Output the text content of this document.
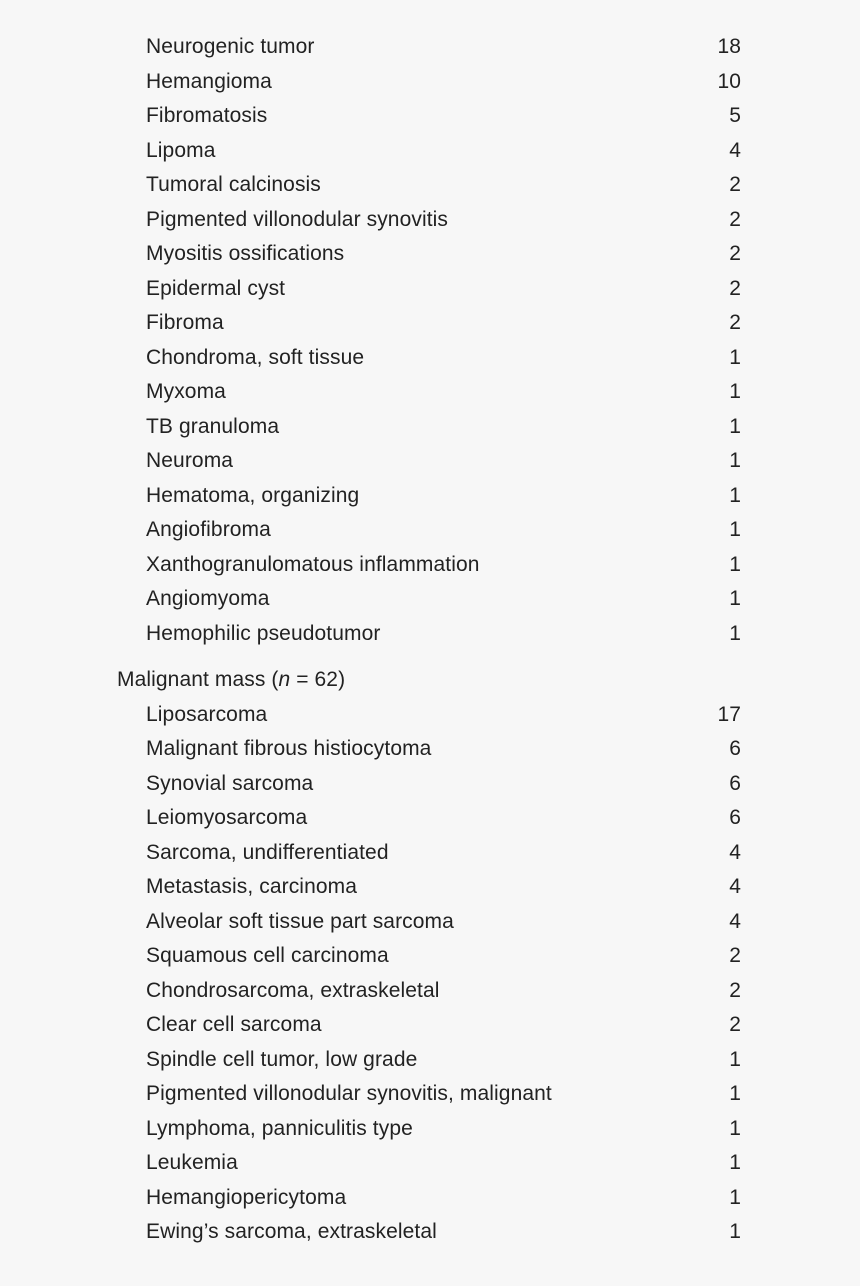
Neurogenic tumor	18
Hemangioma	10
Fibromatosis	5
Lipoma	4
Tumoral calcinosis	2
Pigmented villonodular synovitis	2
Myositis ossifications	2
Epidermal cyst	2
Fibroma	2
Chondroma, soft tissue	1
Myxoma	1
TB granuloma	1
Neuroma	1
Hematoma, organizing	1
Angiofibroma	1
Xanthogranulomatous inflammation	1
Angiomyoma	1
Hemophilic pseudotumor	1
Malignant mass (n = 62)
Liposarcoma	17
Malignant fibrous histiocytoma	6
Synovial sarcoma	6
Leiomyosarcoma	6
Sarcoma, undifferentiated	4
Metastasis, carcinoma	4
Alveolar soft tissue part sarcoma	4
Squamous cell carcinoma	2
Chondrosarcoma, extraskeletal	2
Clear cell sarcoma	2
Spindle cell tumor, low grade	1
Pigmented villonodular synovitis, malignant	1
Lymphoma, panniculitis type	1
Leukemia	1
Hemangiopericytoma	1
Ewing’s sarcoma, extraskeletal	1
